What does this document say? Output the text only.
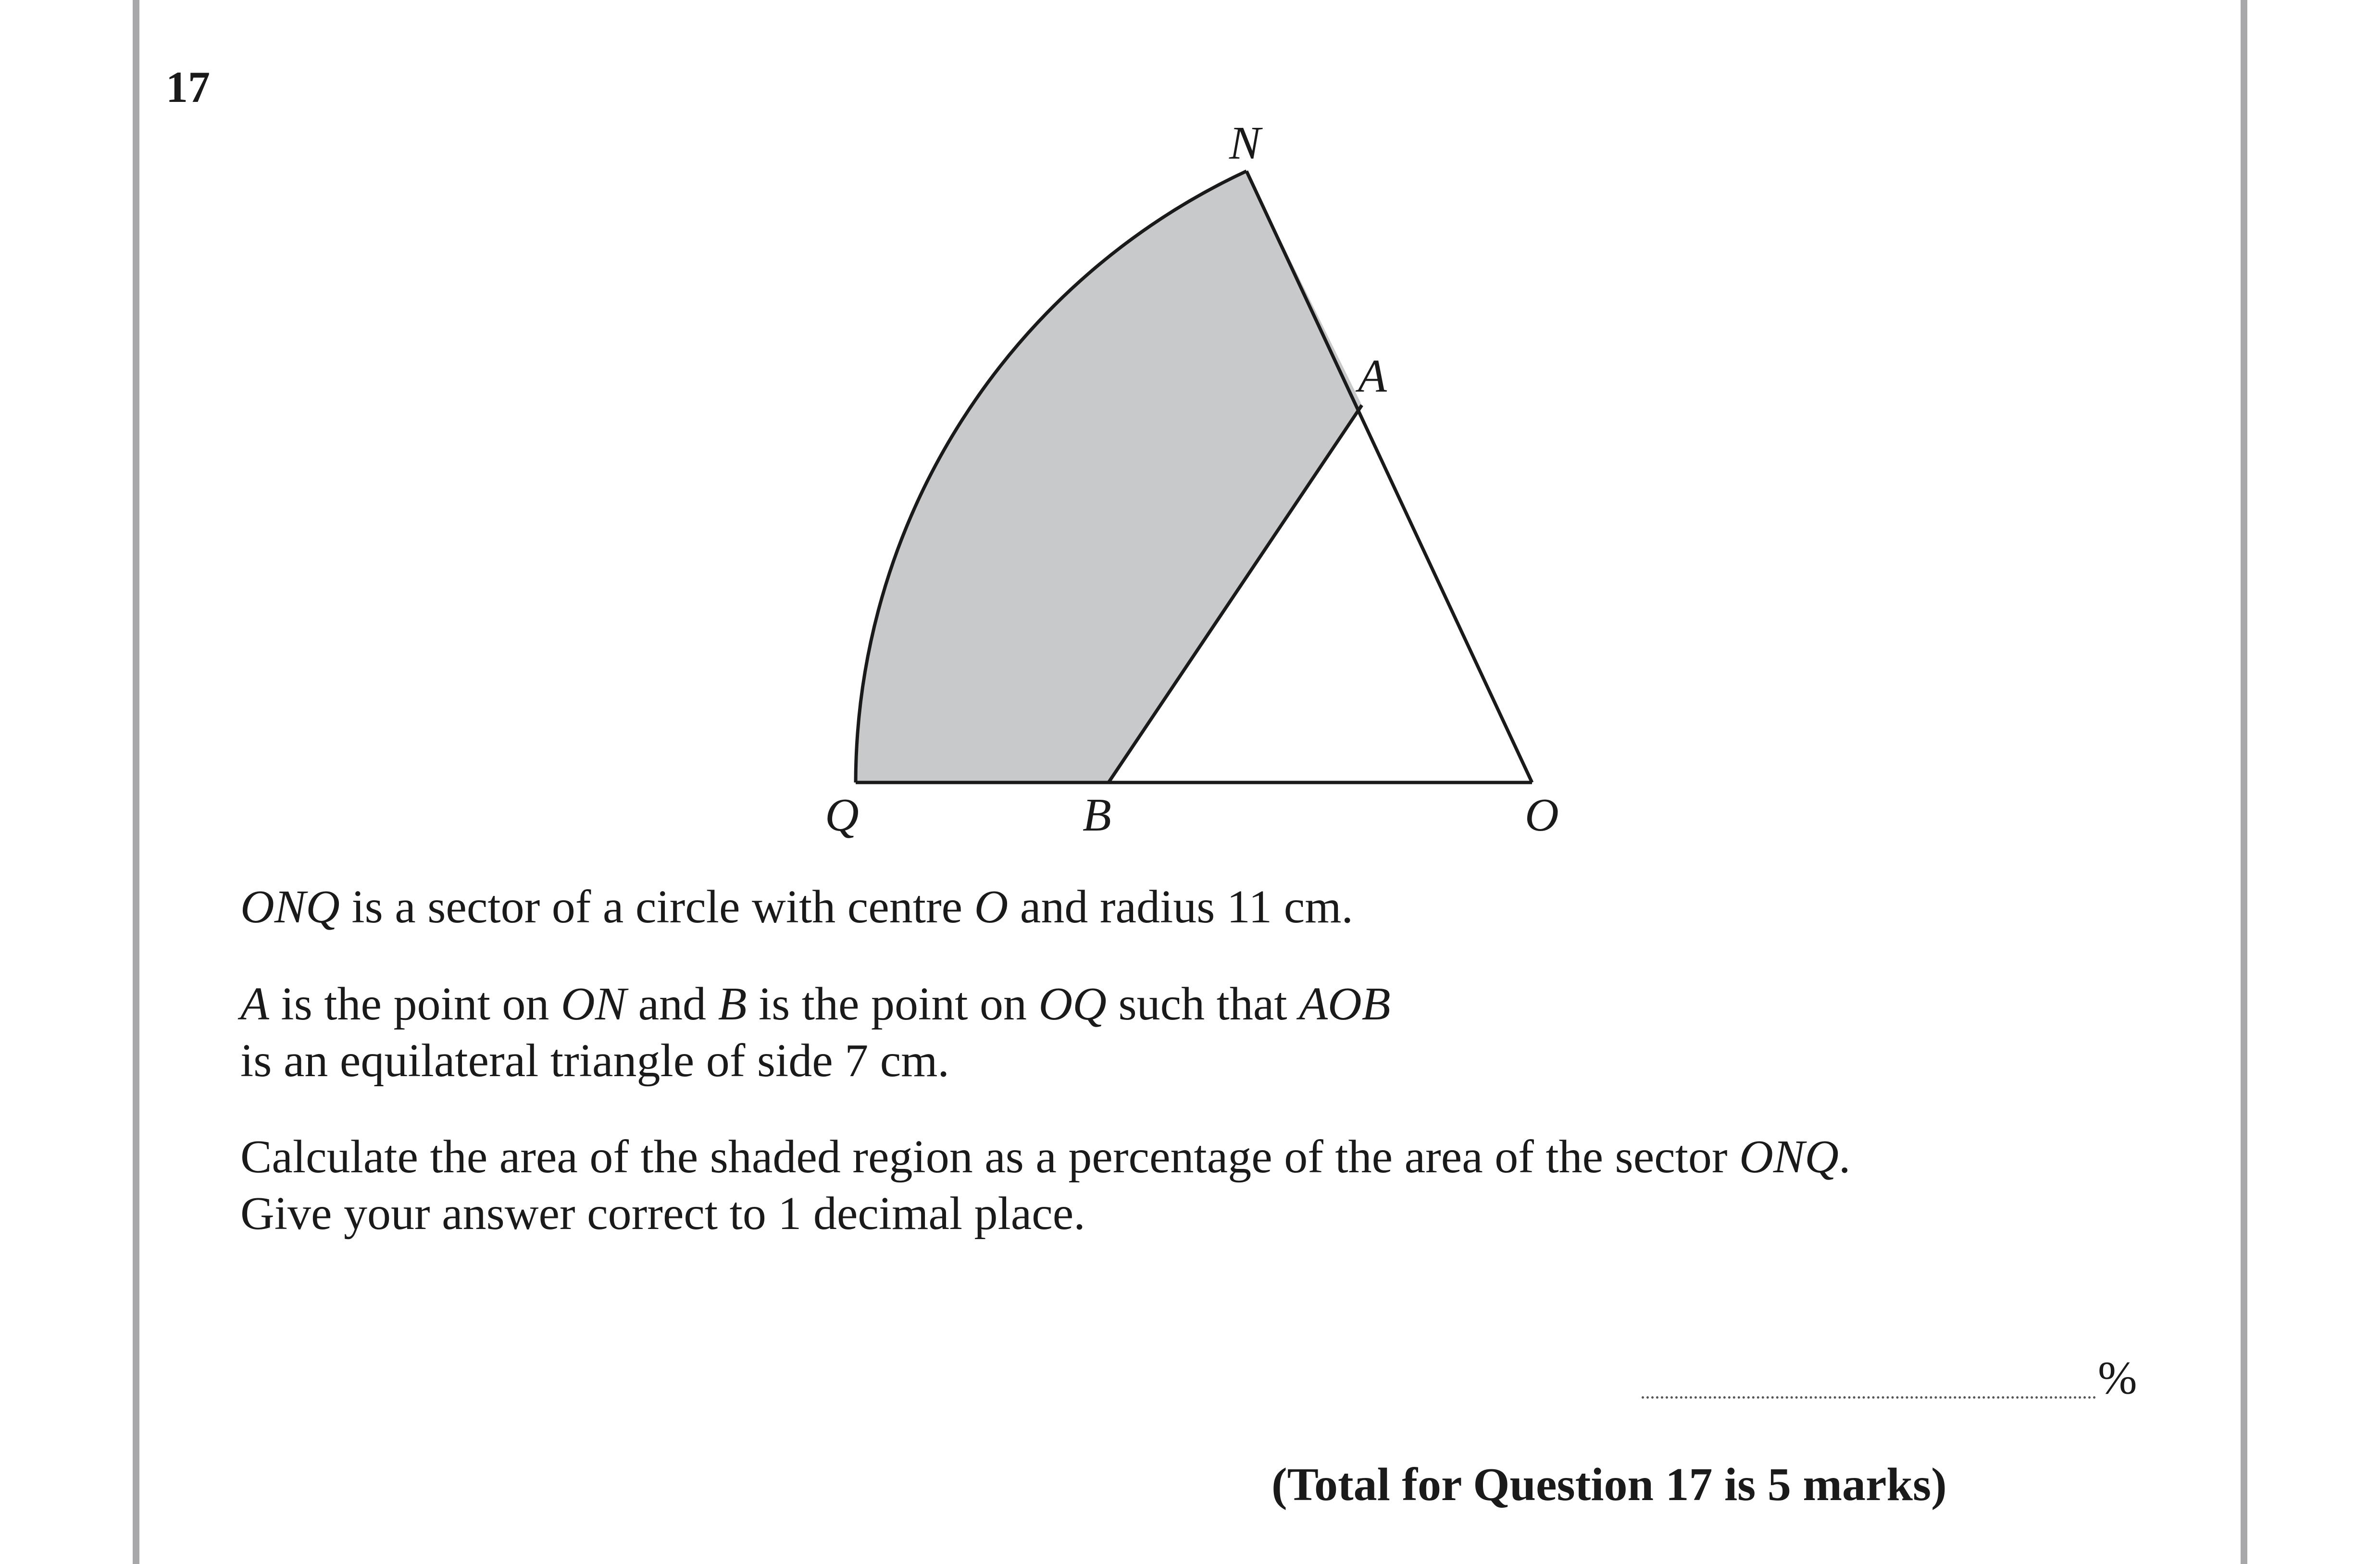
17
N
A
Q	B	O
ONQ is a sector of a circle with centre O and radius 11 cm.
A is the point on ON and B is the point on OQ such that AOB
is an equilateral triangle of side 7 cm.
Calculate the area of the shaded region as a percentage of the area of the sector ONQ.
Give your answer correct to 1 decimal place.
%
(Total for Question 17 is 5 marks)
